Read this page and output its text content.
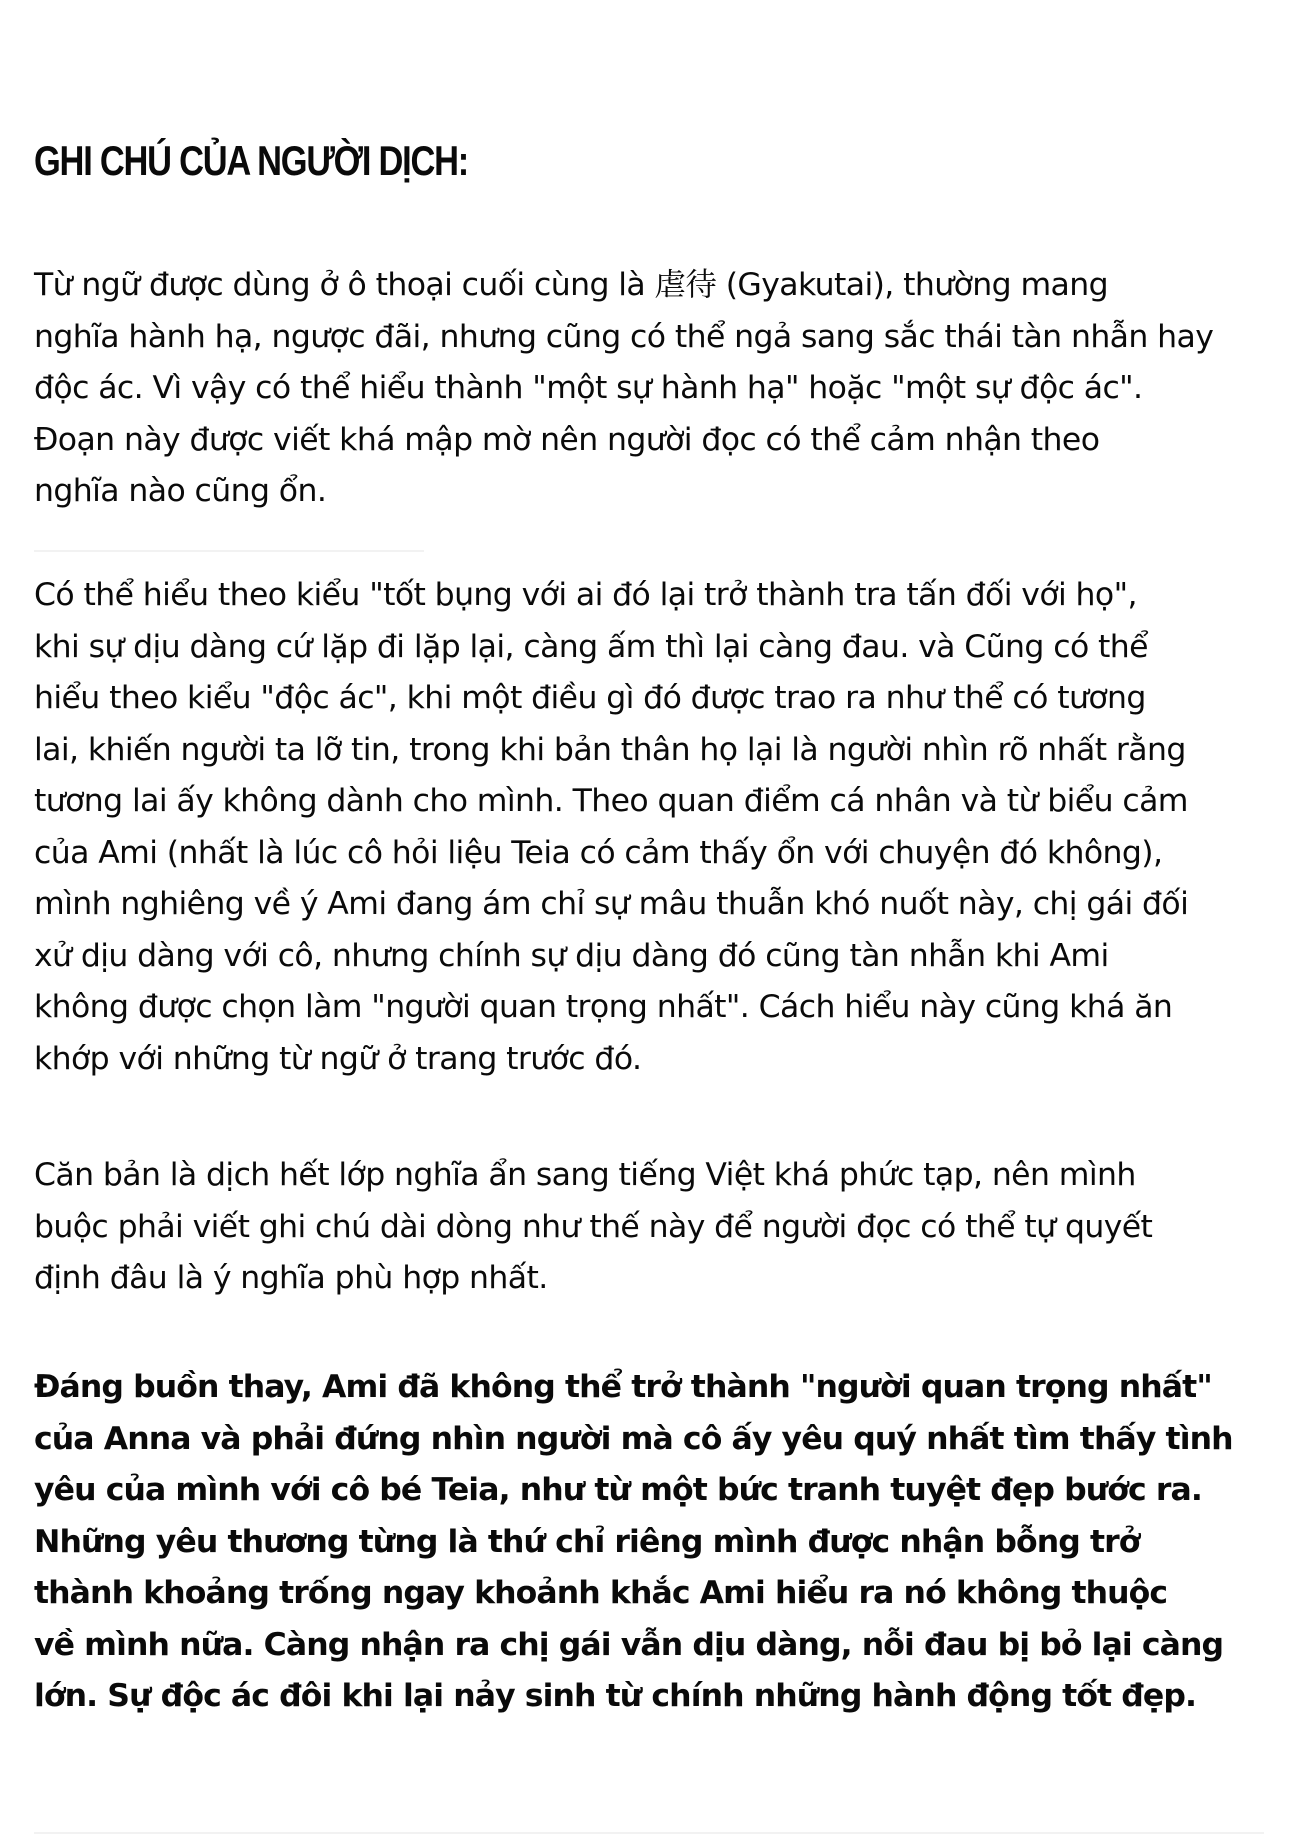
GHI CHÚ CỦA NGƯỜI DỊCH:

Từ ngữ được dùng ở ô thoại cuối cùng là 虐待 (Gyakutai), thường mang
nghĩa hành hạ, ngược đãi, nhưng cũng có thể ngả sang sắc thái tàn nhẫn hay
độc ác. Vì vậy có thể hiểu thành "một sự hành hạ" hoặc "một sự độc ác".
Đoạn này được viết khá mập mờ nên người đọc có thể cảm nhận theo
nghĩa nào cũng ổn.

Có thể hiểu theo kiểu "tốt bụng với ai đó lại trở thành tra tấn đối với họ",
khi sự dịu dàng cứ lặp đi lặp lại, càng ấm thì lại càng đau. và Cũng có thể
hiểu theo kiểu "độc ác", khi một điều gì đó được trao ra như thể có tương
lai, khiến người ta lỡ tin, trong khi bản thân họ lại là người nhìn rõ nhất rằng
tương lai ấy không dành cho mình. Theo quan điểm cá nhân và từ biểu cảm
của Ami (nhất là lúc cô hỏi liệu Teia có cảm thấy ổn với chuyện đó không),
mình nghiêng về ý Ami đang ám chỉ sự mâu thuẫn khó nuốt này, chị gái đối
xử dịu dàng với cô, nhưng chính sự dịu dàng đó cũng tàn nhẫn khi Ami
không được chọn làm "người quan trọng nhất". Cách hiểu này cũng khá ăn
khớp với những từ ngữ ở trang trước đó.

Căn bản là dịch hết lớp nghĩa ẩn sang tiếng Việt khá phức tạp, nên mình
buộc phải viết ghi chú dài dòng như thế này để người đọc có thể tự quyết
định đâu là ý nghĩa phù hợp nhất.

Đáng buồn thay, Ami đã không thể trở thành "người quan trọng nhất"
của Anna và phải đứng nhìn người mà cô ấy yêu quý nhất tìm thấy tình
yêu của mình với cô bé Teia, như từ một bức tranh tuyệt đẹp bước ra.
Những yêu thương từng là thứ chỉ riêng mình được nhận bỗng trở
thành khoảng trống ngay khoảnh khắc Ami hiểu ra nó không thuộc
về mình nữa. Càng nhận ra chị gái vẫn dịu dàng, nỗi đau bị bỏ lại càng
lớn. Sự độc ác đôi khi lại nảy sinh từ chính những hành động tốt đẹp.
